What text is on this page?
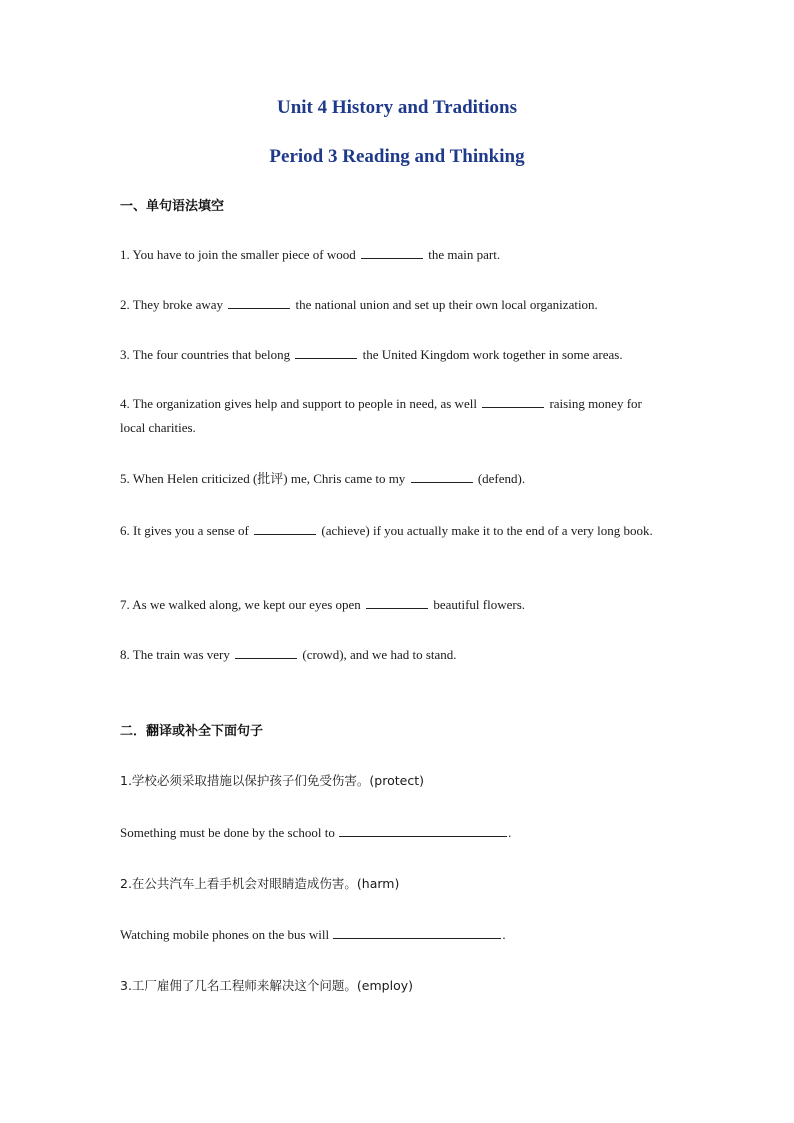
Unit 4 History and Traditions
Period 3 Reading and Thinking
一、单句语法填空
1. You have to join the smaller piece of wood	the main part.
2. They broke away	the national union and set up their own local organization.
3. The four countries that belong	the United Kingdom work together in some areas.
4. The organization gives help and support to people in need, as well	raising money for local charities.
5. When Helen criticized (批评) me, Chris came to my	(defend).
6. It gives you a sense of	(achieve) if you actually make it to the end of a very long book.
7. As we walked along, we kept our eyes open	beautiful flowers.
8. The train was very	(crowd), and we had to stand.
二．翻译或补全下面句子
1.学校必须采取措施以保护孩子们免受伤害。(protect)
Something must be done by the school to	.
2.在公共汽车上看手机会对眼睛造成伤害。(harm)
Watching mobile phones on the bus will	.
3.工厂雇佣了几名工程师来解决这个问题。(employ)
